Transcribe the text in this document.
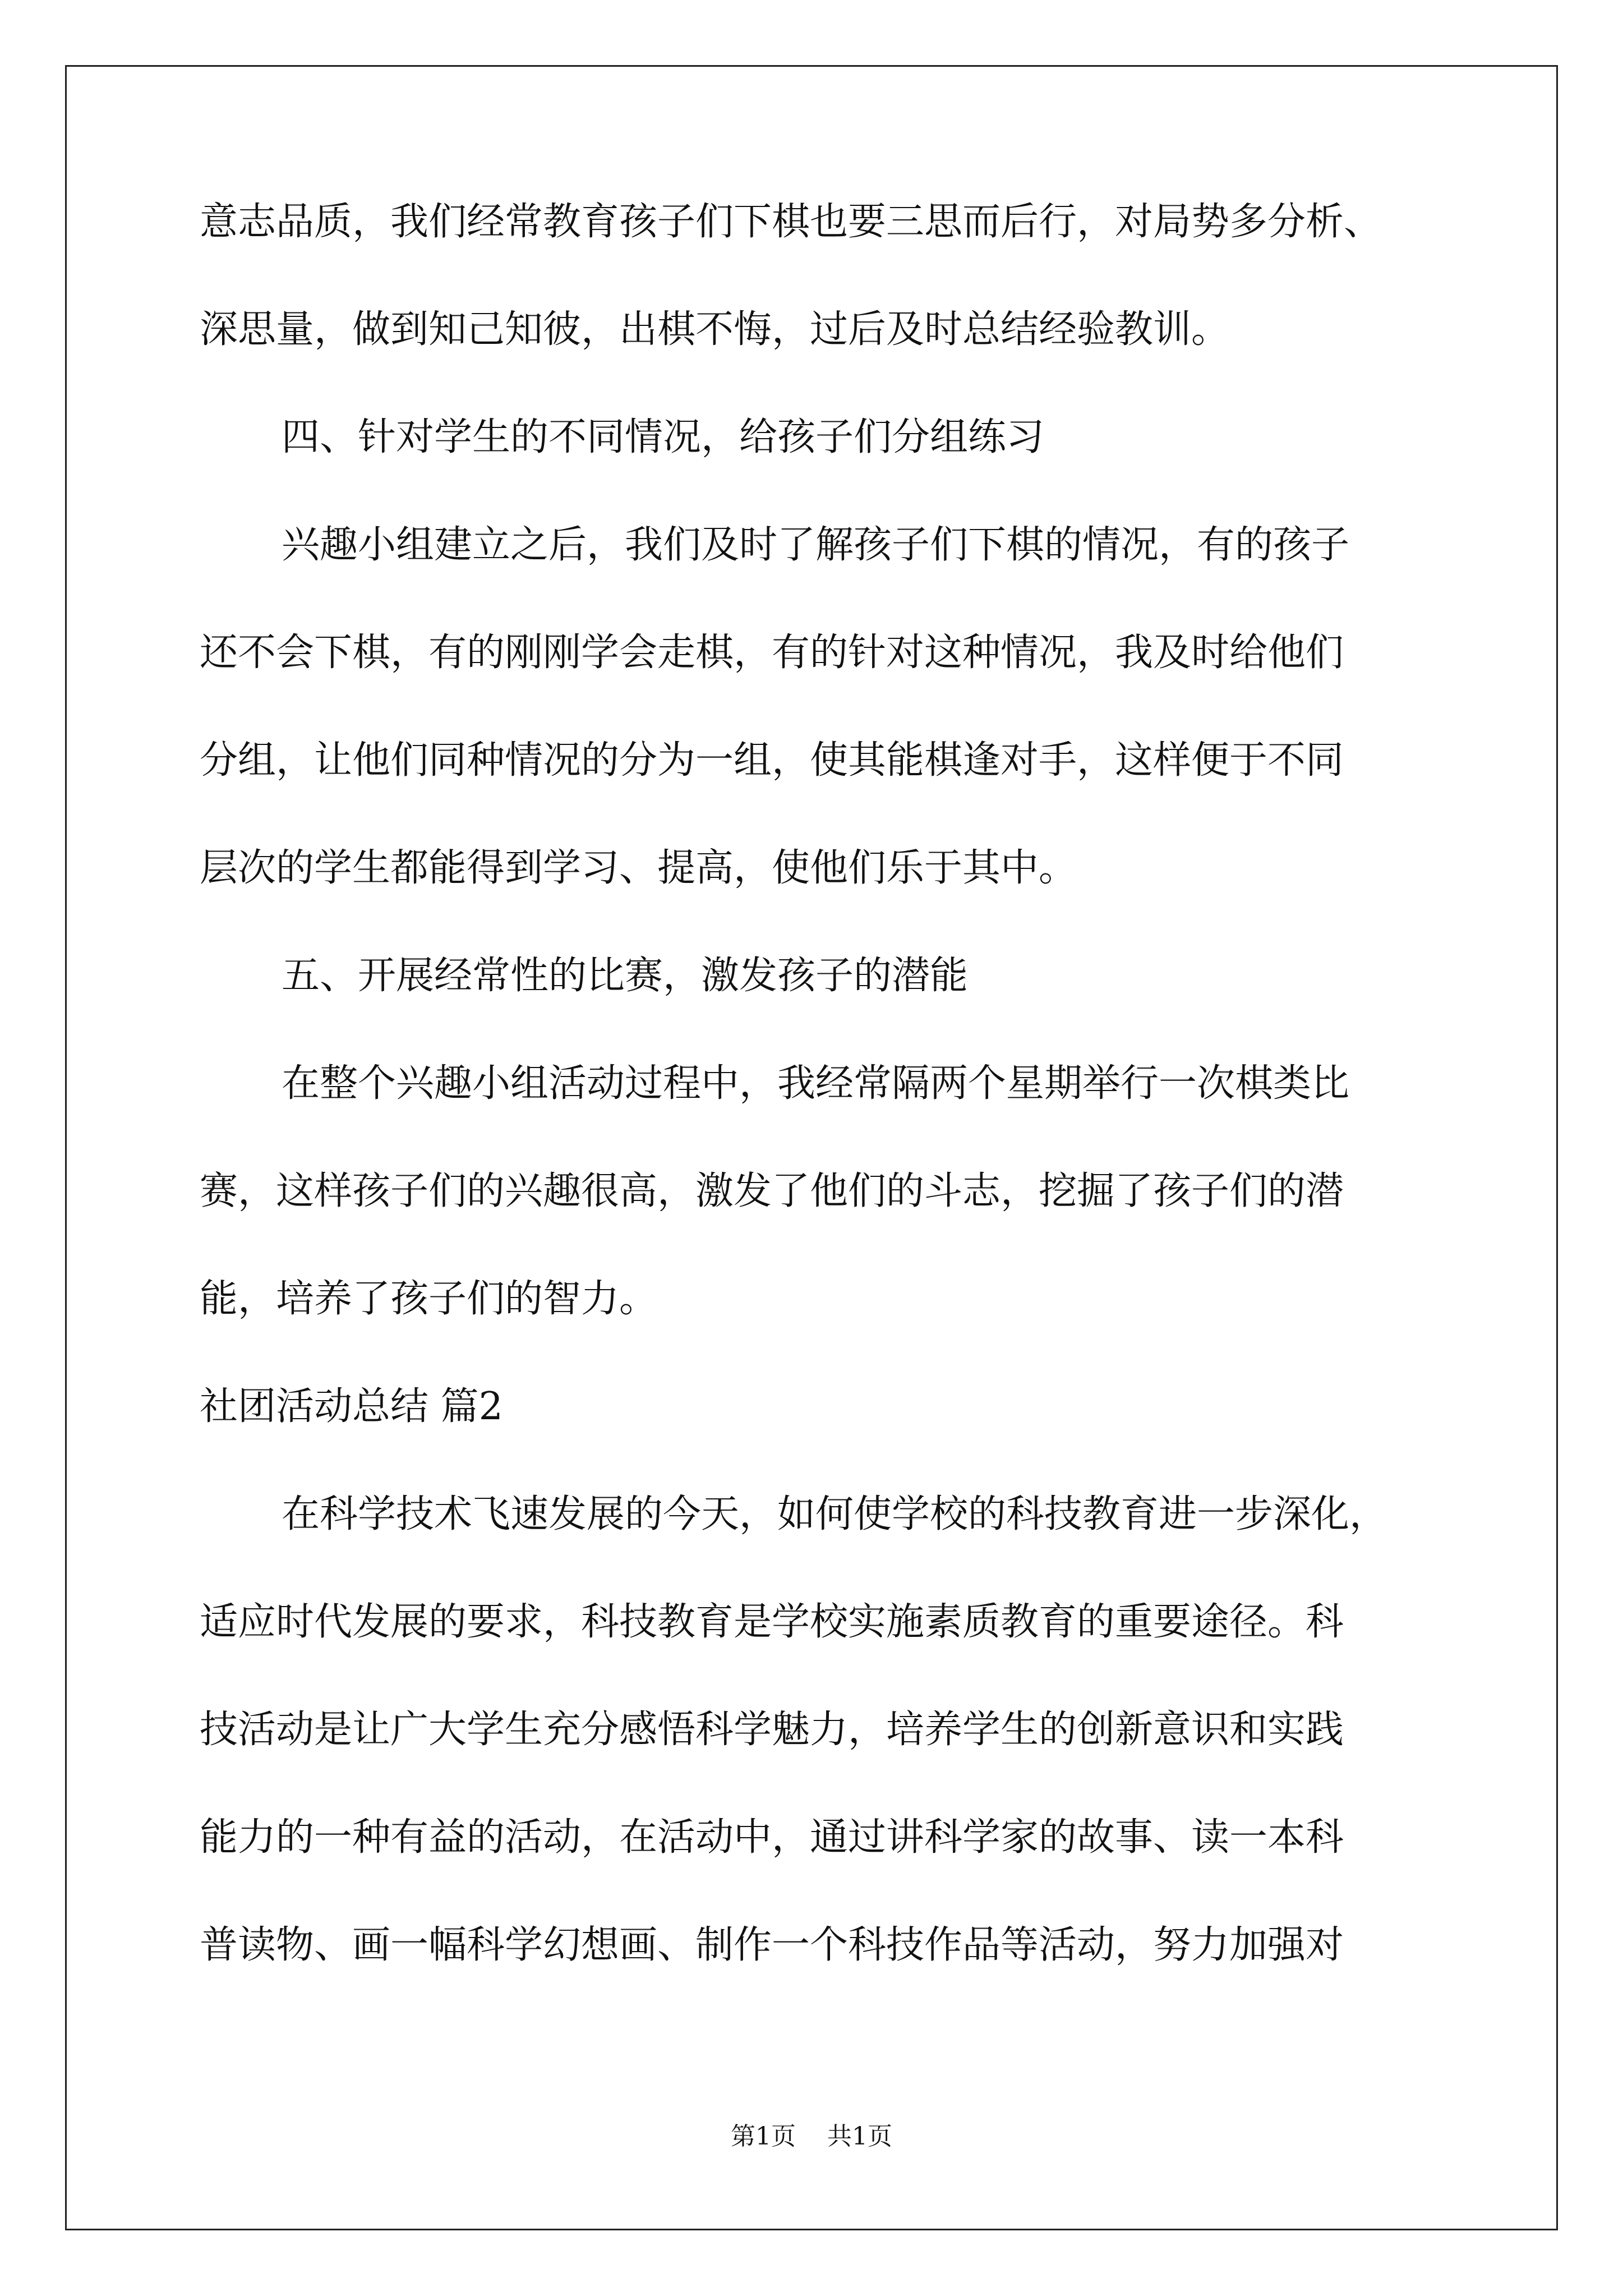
意志品质，我们经常教育孩子们下棋也要三思而后行，对局势多分析、
深思量，做到知己知彼，出棋不悔，过后及时总结经验教训。
四、针对学生的不同情况，给孩子们分组练习
兴趣小组建立之后，我们及时了解孩子们下棋的情况，有的孩子
还不会下棋，有的刚刚学会走棋，有的针对这种情况，我及时给他们
分组，让他们同种情况的分为一组，使其能棋逢对手，这样便于不同
层次的学生都能得到学习、提高，使他们乐于其中。
五、开展经常性的比赛，激发孩子的潜能
在整个兴趣小组活动过程中，我经常隔两个星期举行一次棋类比
赛，这样孩子们的兴趣很高，激发了他们的斗志，挖掘了孩子们的潜
能，培养了孩子们的智力。
社团活动总结 篇2
在科学技术飞速发展的今天，如何使学校的科技教育进一步深化，
适应时代发展的要求，科技教育是学校实施素质教育的重要途径。科
技活动是让广大学生充分感悟科学魅力，培养学生的创新意识和实践
能力的一种有益的活动，在活动中，通过讲科学家的故事、读一本科
普读物、画一幅科学幻想画、制作一个科技作品等活动，努力加强对
第1页 共1页
